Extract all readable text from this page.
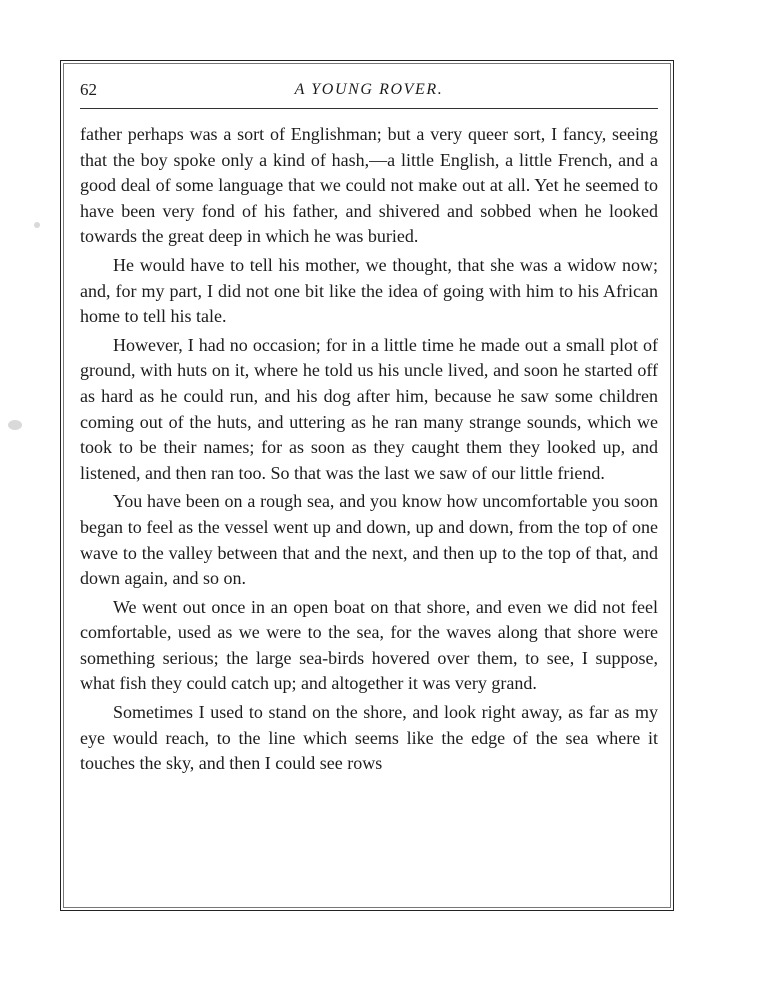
62	A YOUNG ROVER.

father perhaps was a sort of Englishman; but a very queer sort, I fancy, seeing that the boy spoke only a kind of hash,—a little English, a little French, and a good deal of some language that we could not make out at all. Yet he seemed to have been very fond of his father, and shivered and sobbed when he looked towards the great deep in which he was buried.

He would have to tell his mother, we thought, that she was a widow now; and, for my part, I did not one bit like the idea of going with him to his African home to tell his tale.

However, I had no occasion; for in a little time he made out a small plot of ground, with huts on it, where he told us his uncle lived, and soon he started off as hard as he could run, and his dog after him, because he saw some children coming out of the huts, and uttering as he ran many strange sounds, which we took to be their names; for as soon as they caught them they looked up, and listened, and then ran too. So that was the last we saw of our little friend.

You have been on a rough sea, and you know how uncomfortable you soon began to feel as the vessel went up and down, up and down, from the top of one wave to the valley between that and the next, and then up to the top of that, and down again, and so on.

We went out once in an open boat on that shore, and even we did not feel comfortable, used as we were to the sea, for the waves along that shore were something serious; the large sea-birds hovered over them, to see, I suppose, what fish they could catch up; and altogether it was very grand.

Sometimes I used to stand on the shore, and look right away, as far as my eye would reach, to the line which seems like the edge of the sea where it touches the sky, and then I could see rows
